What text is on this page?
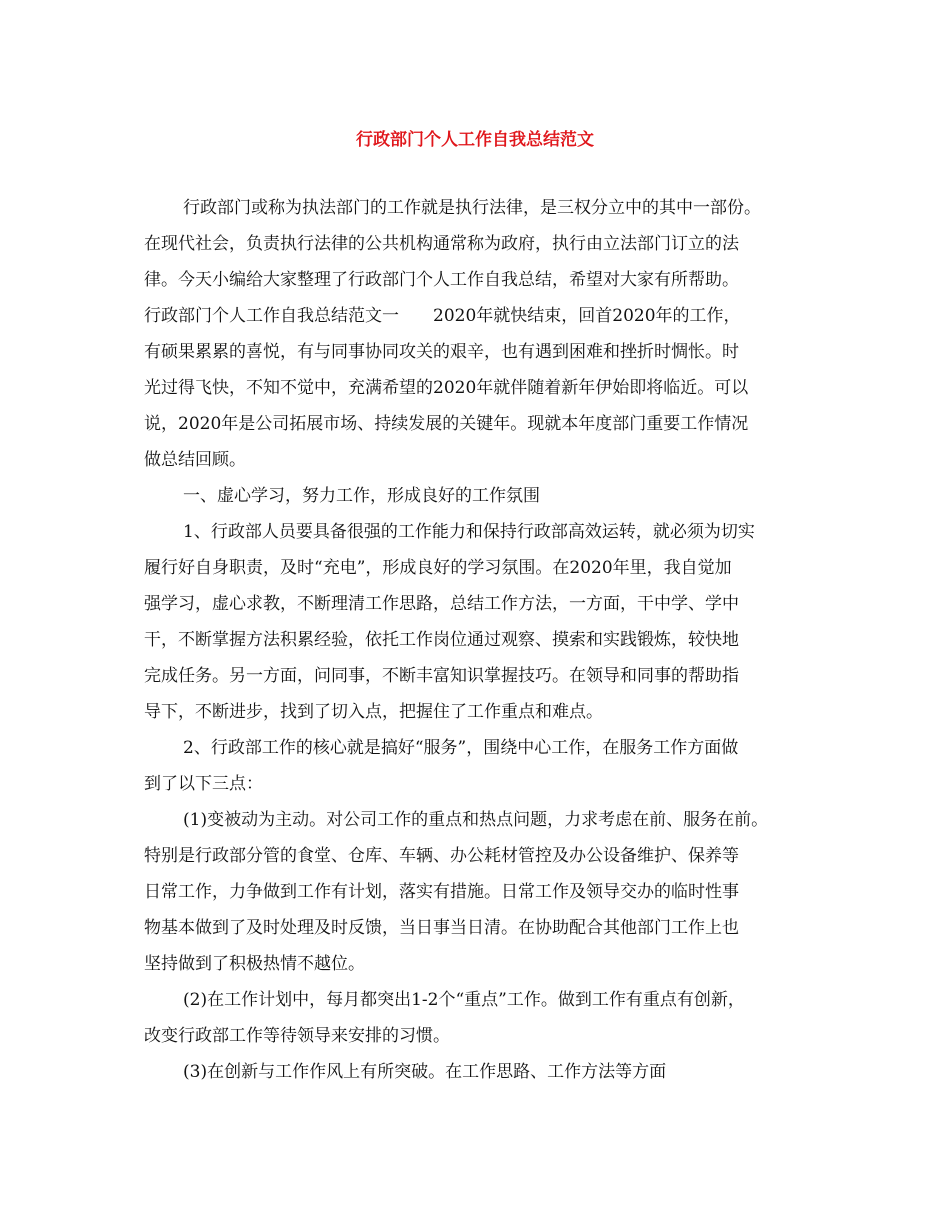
行政部门个人工作自我总结范文

行政部门或称为执法部门的工作就是执行法律，是三权分立中的其中一部份。

在现代社会，负责执行法律的公共机构通常称为政府，执行由立法部门订立的法

律。今天小编给大家整理了行政部门个人工作自我总结，希望对大家有所帮助。

行政部门个人工作自我总结范文一　　2020年就快结束，回首2020年的工作，

有硕果累累的喜悦，有与同事协同攻关的艰辛，也有遇到困难和挫折时惆怅。时

光过得飞快，不知不觉中，充满希望的2020年就伴随着新年伊始即将临近。可以

说，2020年是公司拓展市场、持续发展的关键年。现就本年度部门重要工作情况

做总结回顾。

一、虚心学习，努力工作，形成良好的工作氛围

1、行政部人员要具备很强的工作能力和保持行政部高效运转，就必须为切实

履行好自身职责，及时“充电”，形成良好的学习氛围。在2020年里，我自觉加

强学习，虚心求教，不断理清工作思路，总结工作方法，一方面，干中学、学中

干，不断掌握方法积累经验，依托工作岗位通过观察、摸索和实践锻炼，较快地

完成任务。另一方面，问同事，不断丰富知识掌握技巧。在领导和同事的帮助指

导下，不断进步，找到了切入点，把握住了工作重点和难点。

2、行政部工作的核心就是搞好“服务”，围绕中心工作，在服务工作方面做

到了以下三点：

(1)变被动为主动。对公司工作的重点和热点问题，力求考虑在前、服务在前。

特别是行政部分管的食堂、仓库、车辆、办公耗材管控及办公设备维护、保养等

日常工作，力争做到工作有计划，落实有措施。日常工作及领导交办的临时性事

物基本做到了及时处理及时反馈，当日事当日清。在协助配合其他部门工作上也

坚持做到了积极热情不越位。

(2)在工作计划中，每月都突出1-2个“重点”工作。做到工作有重点有创新，

改变行政部工作等待领导来安排的习惯。

(3)在创新与工作作风上有所突破。在工作思路、工作方法等方面
